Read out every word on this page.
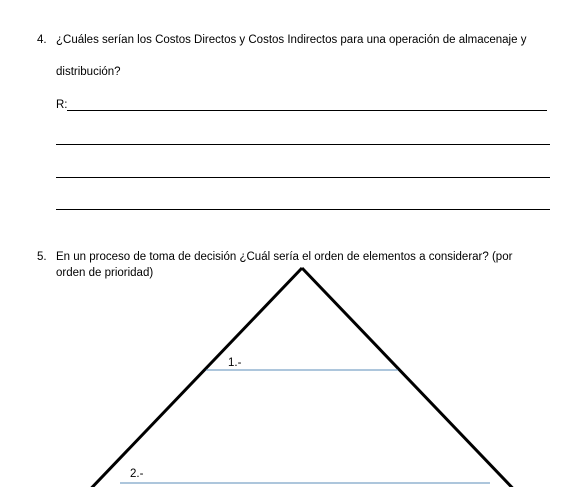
4. ¿Cuáles serían los Costos Directos y Costos Indirectos para una operación de almacenaje y
distribución?
R:
5. En un proceso de toma de decisión ¿Cuál sería el orden de elementos a considerar? (por
orden de prioridad)
1.-
2.-
